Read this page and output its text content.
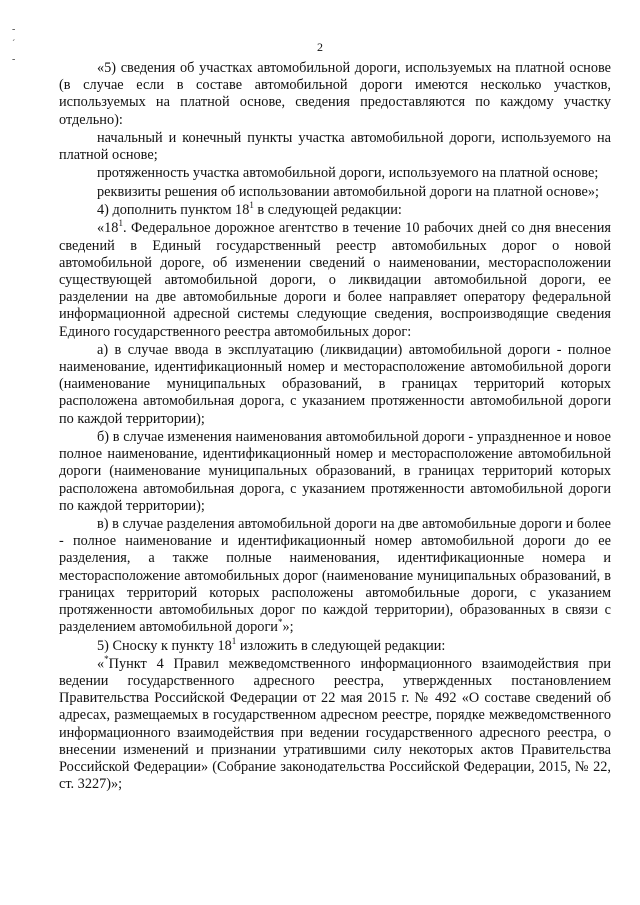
-
´
-
2

«5) сведения об участках автомобильной дороги, используемых на платной основе (в случае если в составе автомобильной дороги имеются несколько участков, используемых на платной основе, сведения предоставляются по каждому участку отдельно):

начальный и конечный пункты участка автомобильной дороги, используемого на платной основе;

протяженность участка автомобильной дороги, используемого на платной основе;

реквизиты решения об использовании автомобильной дороги на платной основе»;

4) дополнить пунктом $18^1$ в следующей редакции:

«$18^1$. Федеральное дорожное агентство в течение 10 рабочих дней со дня внесения сведений в Единый государственный реестр автомобильных дорог о новой автомобильной дороге, об изменении сведений о наименовании, месторасположении существующей автомобильной дороги, о ликвидации автомобильной дороги, ее разделении на две автомобильные дороги и более направляет оператору федеральной информационной адресной системы следующие сведения, воспроизводящие сведения Единого государственного реестра автомобильных дорог:

а) в случае ввода в эксплуатацию (ликвидации) автомобильной дороги - полное наименование, идентификационный номер и месторасположение автомобильной дороги (наименование муниципальных образований, в границах территорий которых расположена автомобильная дорога, с указанием протяженности автомобильной дороги по каждой территории);

б) в случае изменения наименования автомобильной дороги - упраздненное и новое полное наименование, идентификационный номер и месторасположение автомобильной дороги (наименование муниципальных образований, в границах территорий которых расположена автомобильная дорога, с указанием протяженности автомобильной дороги по каждой территории);

в) в случае разделения автомобильной дороги на две автомобильные дороги и более - полное наименование и идентификационный номер автомобильной дороги до ее разделения, а также полные наименования, идентификационные номера и месторасположение автомобильных дорог (наименование муниципальных образований, в границах территорий которых расположены автомобильные дороги, с указанием протяженности автомобильных дорог по каждой территории), образованных в связи с разделением автомобильной дороги*»;

5) Сноску к пункту $18^1$ изложить в следующей редакции:

«*Пункт 4 Правил межведомственного информационного взаимодействия при ведении государственного адресного реестра, утвержденных постановлением Правительства Российской Федерации от 22 мая 2015 г. № 492 «О составе сведений об адресах, размещаемых в государственном адресном реестре, порядке межведомственного информационного взаимодействия при ведении государственного адресного реестра, о внесении изменений и признании утратившими силу некоторых актов Правительства Российской Федерации» (Собрание законодательства Российской Федерации, 2015, № 22, ст. 3227)»;
